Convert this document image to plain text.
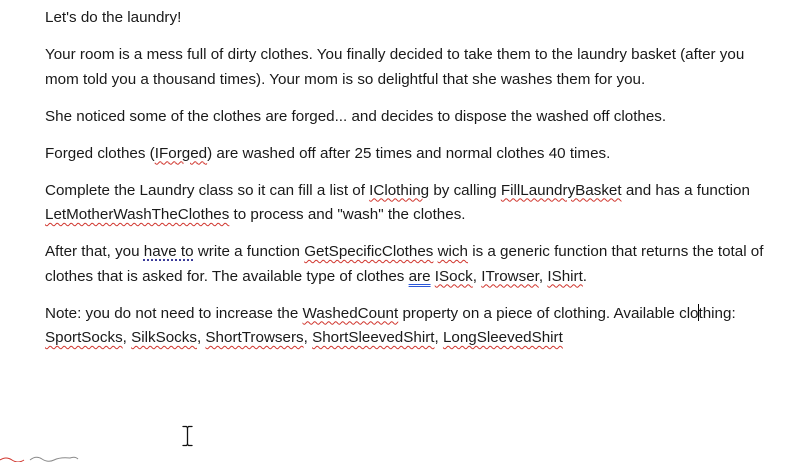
Let's do the laundry!

Your room is a mess full of dirty clothes. You finally decided to take them to the laundry basket (after you mom told you a thousand times). Your mom is so delightful that she washes them for you.

She noticed some of the clothes are forged... and decides to dispose the washed off clothes.

Forged clothes (IForged) are washed off after 25 times and normal clothes 40 times.

Complete the Laundry class so it can fill a list of IClothing by calling FillLaundryBasket and has a function LetMotherWashTheClothes to process and "wash" the clothes.

After that, you have to write a function GetSpecificClothes wich is a generic function that returns the total of clothes that is asked for. The available type of clothes are ISock, ITrowser, IShirt.

Note: you do not need to increase the WashedCount property on a piece of clothing. Available clothing: SportSocks, SilkSocks, ShortTrowsers, ShortSleevedShirt, LongSleevedShirt
